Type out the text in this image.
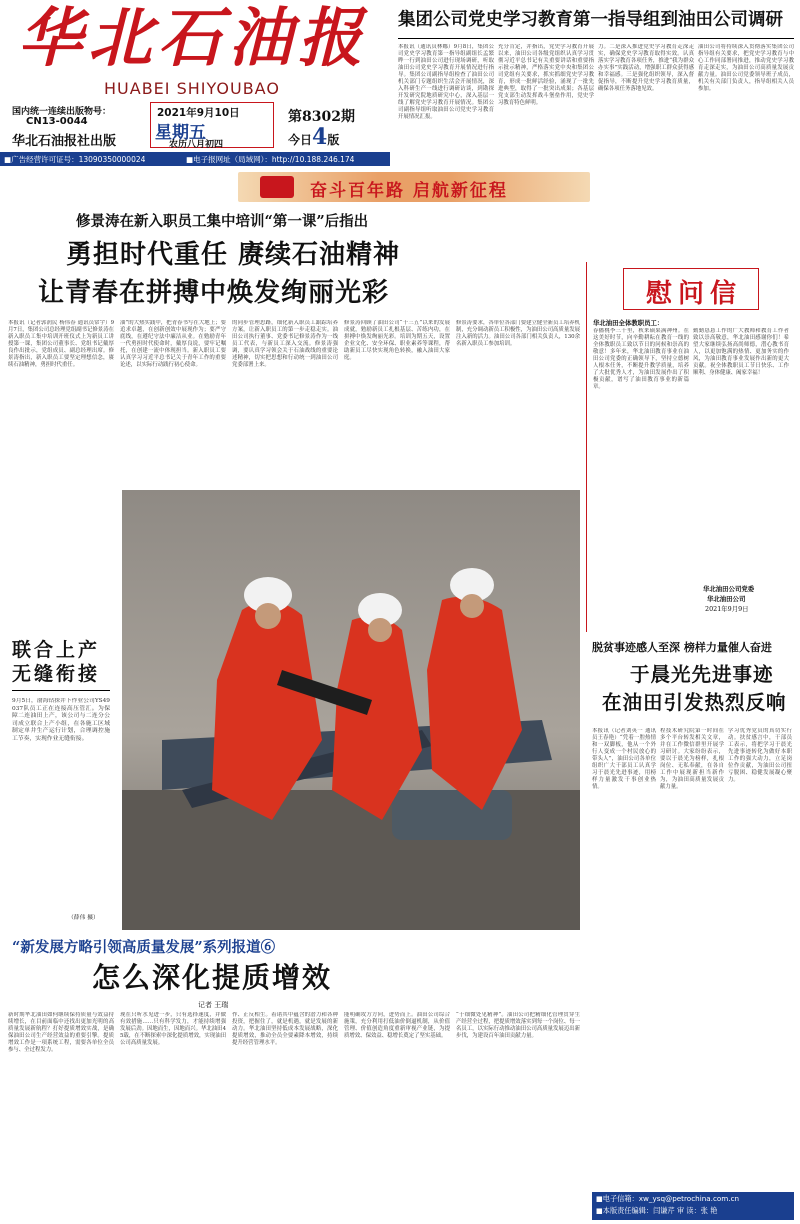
华北石油报
HUABEI SHIYOUBAO
国内统一连续出版物号：
CN13-0044
华北石油报社出版
2021年9月10日
星期五
农历八月初四
第8302期
今日4版
■广告经营许可证号：13090350000024	■电子报网址（局域网）：http://10.188.246.174
集团公司党史学习教育第一指导组到油田公司调研
本报讯（通讯员林娜）9月8日，集团公司党史学习教育第一指导组副组长孟繁晔一行到油田公司进行现场调研，听取油田公司党史学习教育开展情况进行指导。集团公司副指导组检查了油田公司机关部门专题组织生活会开展情况，深入科研生产一线进行调研访谈，到勘探开发研究院地质研究中心，深入基层一线了解党史学习教育开展情况。集团公司副指导组听取油田公司党史学习教育开展情况汇报。
充分肯定，并指出，党史学习教育开展以来，油田公司各级党组织认真学习贯彻习近平总书记有关重要讲话和重要指示批示精神，严格落实党中央和集团公司党组有关要求，抓实抓细党史学习教育，形成一批鲜活经验，涌现了一批先进典型，取得了一批突出成果；各基层党支部生动发挥战斗堡垒作用，党史学习教育特色鲜明。
力。二是深入推进党史学习教育走深走实，确保党史学习教育取得实效。认真落实学习教育各项任务，推进“我为群众办实事”实践活动，增强职工群众获得感和幸福感。三是强化组织领导，深入督促指导，不断提升党史学习教育质量，确保各项任务落地见效。
油田公司将持续深入贯彻落实集团公司指导组有关要求，把党史学习教育与中心工作同部署同推进，推动党史学习教育走深走实，为油田公司高质量发展贡献力量。油田公司党委领导班子成员，机关有关部门负责人，指导组相关人员参加。
奋斗百年路 启航新征程
修景涛在新入职员工集中培训“第一课”后指出
勇担时代重任 赓续石油精神
让青春在拼搏中焕发绚丽光彩
本报讯（记者郭润民 杨伟春 通讯员常宇）9月7日，集团公司总经理党组副书记修景涛在新入职员工集中培训开班仪式上为新员工讲授第一课，集团公司董事长、党组书记戴厚良作出批示，党组成员、副总经理出席。修景涛指出，新入职员工要坚定理想信念，赓续石油精神，勇担时代重任。
油”的大热实践中，把青春书写在大地上；要追求卓越，在创新创效中展现作为；要严守底线，在遵纪守法中廉洁从业。在勉励青年一代勇担时代使命时，戴厚良说，要牢记嘱托，在创建一流中体现担当。新入职员工要认真学习习近平总书记关于青年工作的重要论述，以实际行动践行初心使命。
的同步管理思路，细化新入职员工跟踪培养方案，让新入职员工的第一步走稳走实。油田公司执行董事、党委书记修景涛作为一线员工代表，与新员工深入交流。修景涛强调，要认真学习领会关于石油战线的重要论述精神，切实把思想和行动统一到油田公司党委部署上来。
修景涛回顾了油田公司“十三五”以来的发展成就，勉励新员工扎根基层、苦练内功，在拼搏中焕发绚丽光彩。培训为期五天，设置企业文化、安全环保、职业素养等课程，帮助新员工尽快实现角色转换，融入油田大家庭。
修景涛要求，各单位各部门要建立健全新员工培养机制，充分调动新员工积极性，为油田公司高质量发展注入新的活力。油田公司各部门相关负责人，130余名新入职员工参加培训。
慰问信
华北油田全体教职员工：
春播桃李三千里，秋来硕果满神州。在这美好时节，向辛勤耕耘在教育一线的全体教职员工致以节日的问候和崇高的敬意！多年来，华北油田教育事业在油田公司党委的正确领导下，坚持立德树人根本任务，不断提升教学质量，培养了大批优秀人才，为油田发展作出了积极贡献，谱写了油田教育事业的新篇章。
勤勤恳恳工作的广大教师和教育工作者致以崇高敬意，华北油田感谢你们！希望大家继续弘扬高尚师德，潜心教书育人，以更加饱满的热情、更加务实的作风，为油田教育事业发展作出新的更大贡献。祝全体教职员工节日快乐、工作顺利、身体健康、阖家幸福！
华北油田公司党委
华北油田公司
2021年9月9日
联合上产 无缝衔接
9月5日，渤海钻探井下作业公司YS49037队员工正在连接高压管汇。为保障二连油田上产，该公司与二连分公司成立联合上产小组，在各施工区域制定单井生产运行计划，合理调控施工节奏，实现作业无缝衔接。
（薛伟 摄）
脱贫事迹感人至深 榜样力量催人奋进
于晨光先进事迹
在油田引发热烈反响
本报讯（记者刘英一 通讯员王春艳）“凭着一腔热情和一双脚板，他从一个外行人变成一个村民放心的带头人”，油田公司各单位组织广大干部员工认真学习于晨光先进事迹，用榜样力量激发干事创业热情。
程技术研究院第一时间在多个平台转发相关文章，并在工作微信群里开展学习研讨。大家纷纷表示，要以于晨光为榜样，扎根岗位、无私奉献，在各自工作中展现新担当新作为，为油田高质量发展贡献力量。
学习优秀党员的真切实行动。扶贫感言中，干部员工表示，将把学习于晨光先进事迹转化为做好本职工作的强大动力，立足岗位作贡献，为油田公司扭亏脱困、稳健发展凝心聚力。
“新发展方略引领高质量发展”系列报道⑥
怎么深化提质增效
记者 王瑞
新时期华北油田如何继续保持质量与效益持续增长，在目前面临中还找出更加光明的高质量发展新航程？打好提质增效实战，是确保油田公司生产经营效益的重要引擎。提质增效工作是一项系统工程，需要各单位全员参与、全过程发力。
现在只听水见进一步，只有选择速度，并做有效措施……只有科学发力，才能持续增强发展后劲。因地而生，因地而兴。华北油田45载，在不断探索中深化提质增效，实现油田公司高质量发展。
作、正反相生。着诸其中蕴含的潜力和各种投资，把握住了，就是机遇，就是发展的新动力。华北油田坚持低成本发展战略，深化提质增效，推动全员全要素降本增效，持续提升经营管理水平。
能明确攻方方向，进势而上。油田公司综合施策，充分利用打低油价倒逼机制，从价值管理、价值创造角度重新审视产业链，为提质增效、保效益、稳增长奠定了坚实基础。
“于细微处见精神”。油田公司把精细化管理贯穿生产经营全过程，把提质增效落实到每一个岗位、每一名员工，以实际行动推动油田公司高质量发展迈出新步伐，为建设百年油田贡献力量。
■电子信箱：xw_ysq@petrochina.com.cn
■本版责任编辑：闫谦芹 审 读：张 艳
